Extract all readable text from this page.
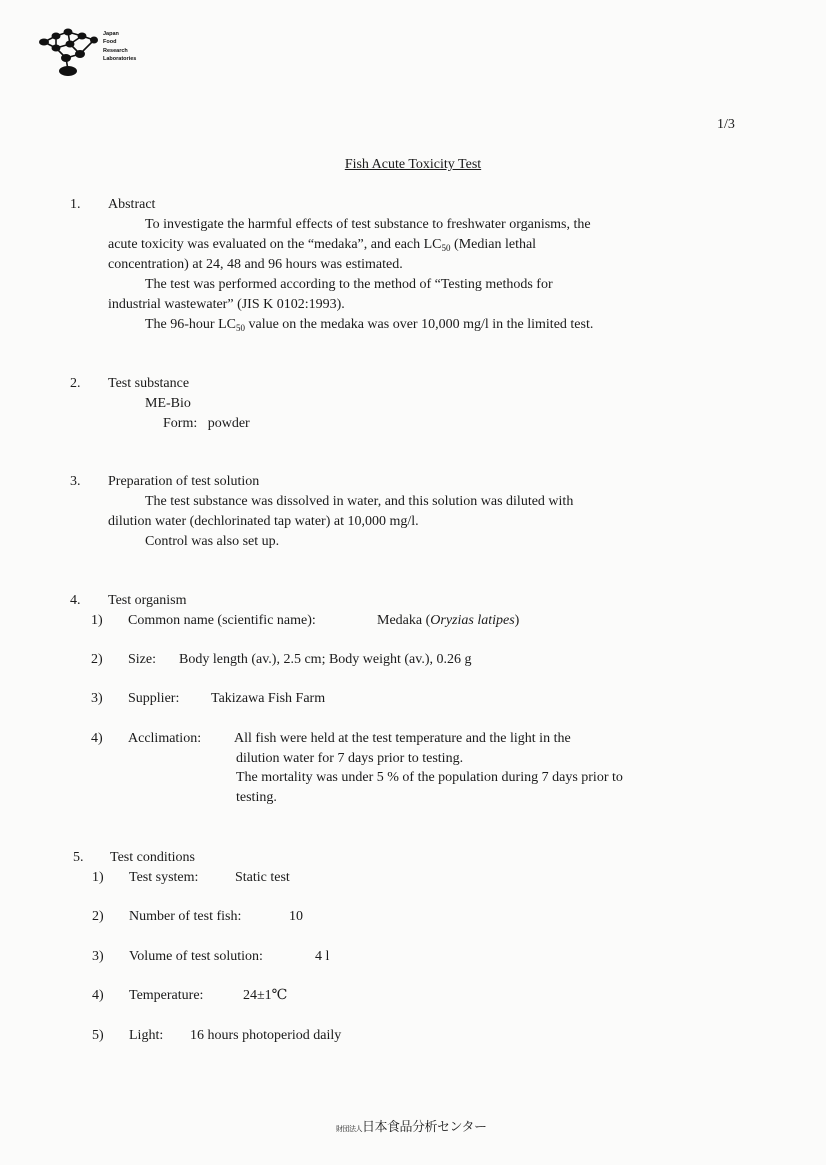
Japan
Food
Research
Laboratories
1/3
Fish Acute Toxicity Test
1. Abstract
To investigate the harmful effects of test substance to freshwater organisms, the
acute toxicity was evaluated on the “medaka”, and each $LC_{50}$ (Median lethal
concentration) at 24, 48 and 96 hours was estimated.
The test was performed according to the method of “Testing methods for
industrial wastewater” (JIS K 0102:1993).
The 96-hour $LC_{50}$ value on the medaka was over 10,000 mg/l in the limited test.
2. Test substance
ME-Bio
Form: powder
3. Preparation of test solution
The test substance was dissolved in water, and this solution was diluted with
dilution water (dechlorinated tap water) at 10,000 mg/l.
Control was also set up.
4. Test organism
1) Common name (scientific name):	Medaka (Oryzias latipes)
2) Size: Body length (av.), 2.5 cm; Body weight (av.), 0.26 g
3) Supplier: Takizawa Fish Farm
4) Acclimation: All fish were held at the test temperature and the light in the
dilution water for 7 days prior to testing.
The mortality was under 5 % of the population during 7 days prior to
testing.
5. Test conditions
1) Test system:	Static test
2) Number of test fish:	10
3) Volume of test solution:	4 l
4) Temperature:	24±1℃
5) Light: 16 hours photoperiod daily
財団法人日本食品分析センター
